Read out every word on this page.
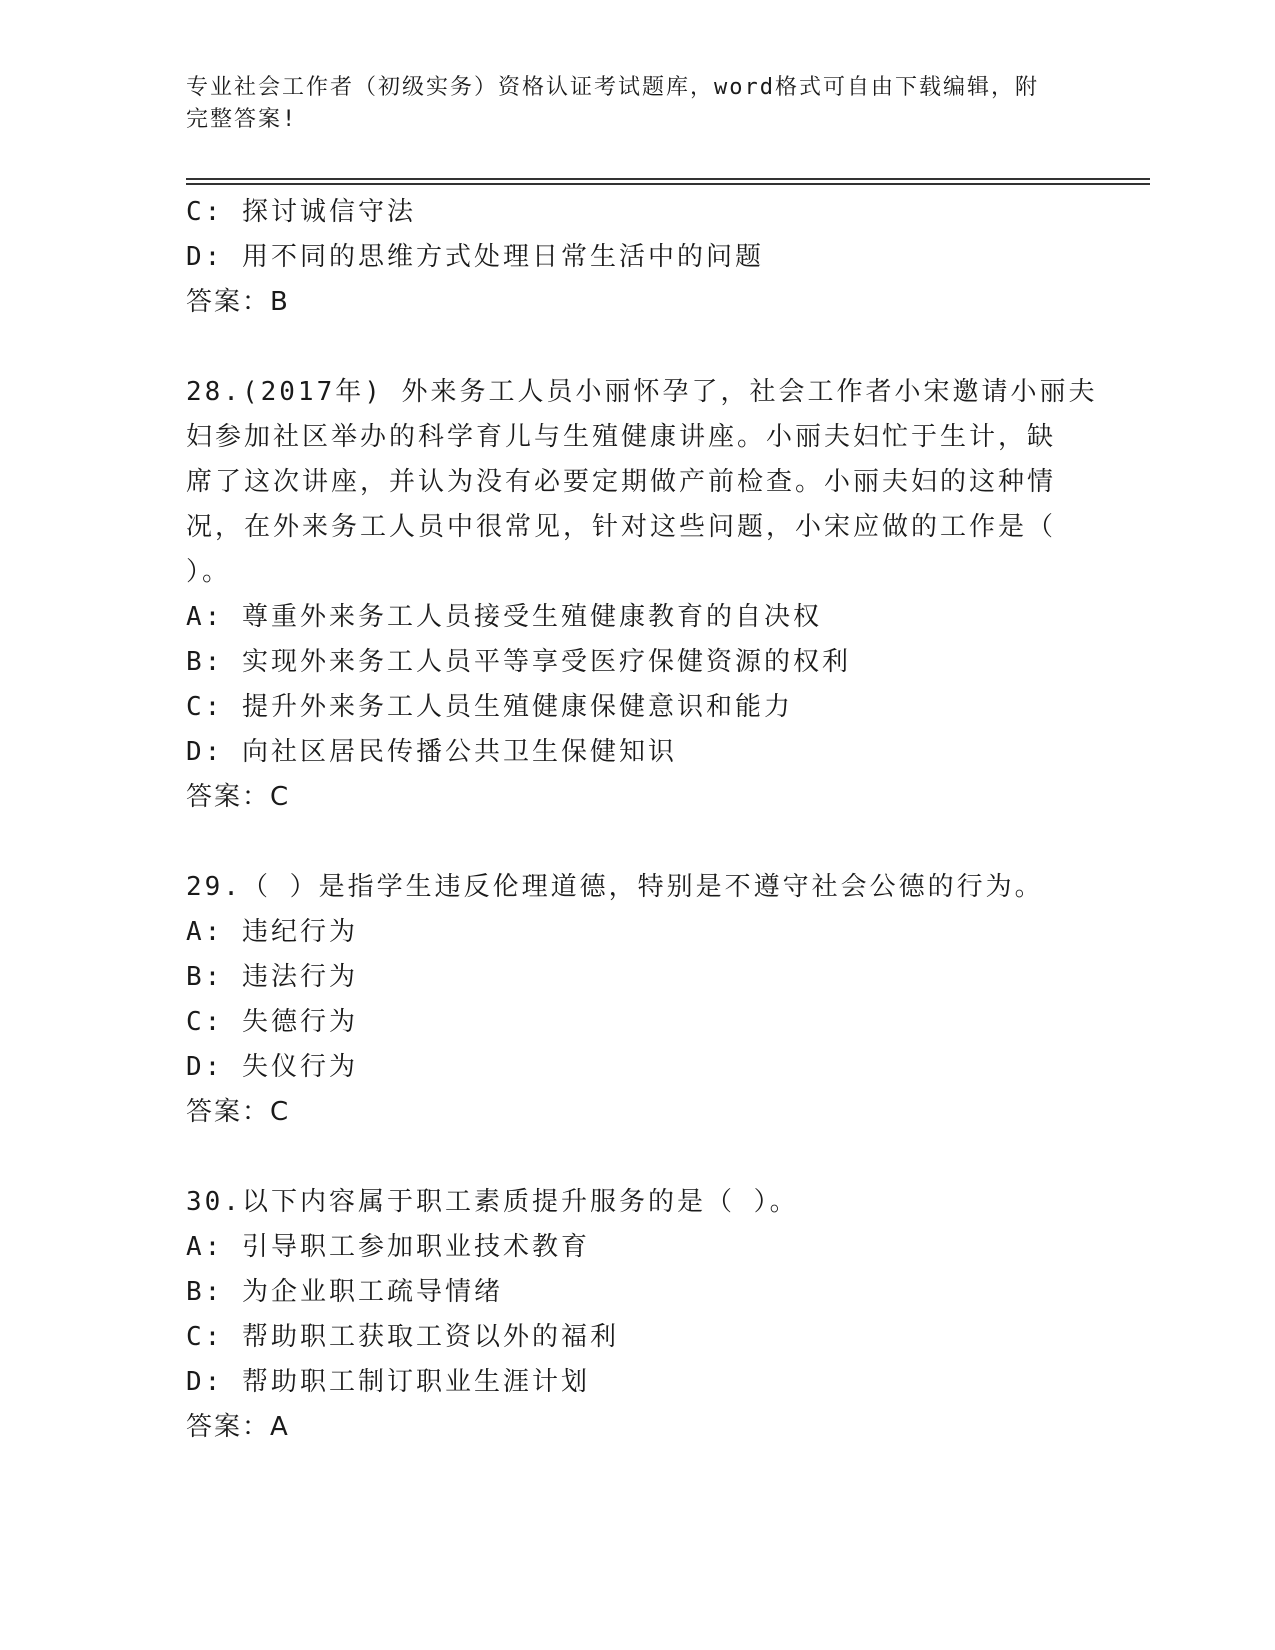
专业社会工作者（初级实务）资格认证考试题库，word格式可自由下载编辑，附
完整答案!
C: 探讨诚信守法
D: 用不同的思维方式处理日常生活中的问题
答案：B
28.(2017年) 外来务工人员小丽怀孕了，社会工作者小宋邀请小丽夫
妇参加社区举办的科学育儿与生殖健康讲座。小丽夫妇忙于生计，缺
席了这次讲座，并认为没有必要定期做产前检查。小丽夫妇的这种情
况，在外来务工人员中很常见，针对这些问题，小宋应做的工作是（
）。
A: 尊重外来务工人员接受生殖健康教育的自决权
B: 实现外来务工人员平等享受医疗保健资源的权利
C: 提升外来务工人员生殖健康保健意识和能力
D: 向社区居民传播公共卫生保健知识
答案：C
29.（ ）是指学生违反伦理道德，特别是不遵守社会公德的行为。
A: 违纪行为
B: 违法行为
C: 失德行为
D: 失仪行为
答案：C
30.以下内容属于职工素质提升服务的是（ ）。
A: 引导职工参加职业技术教育
B: 为企业职工疏导情绪
C: 帮助职工获取工资以外的福利
D: 帮助职工制订职业生涯计划
答案：A
